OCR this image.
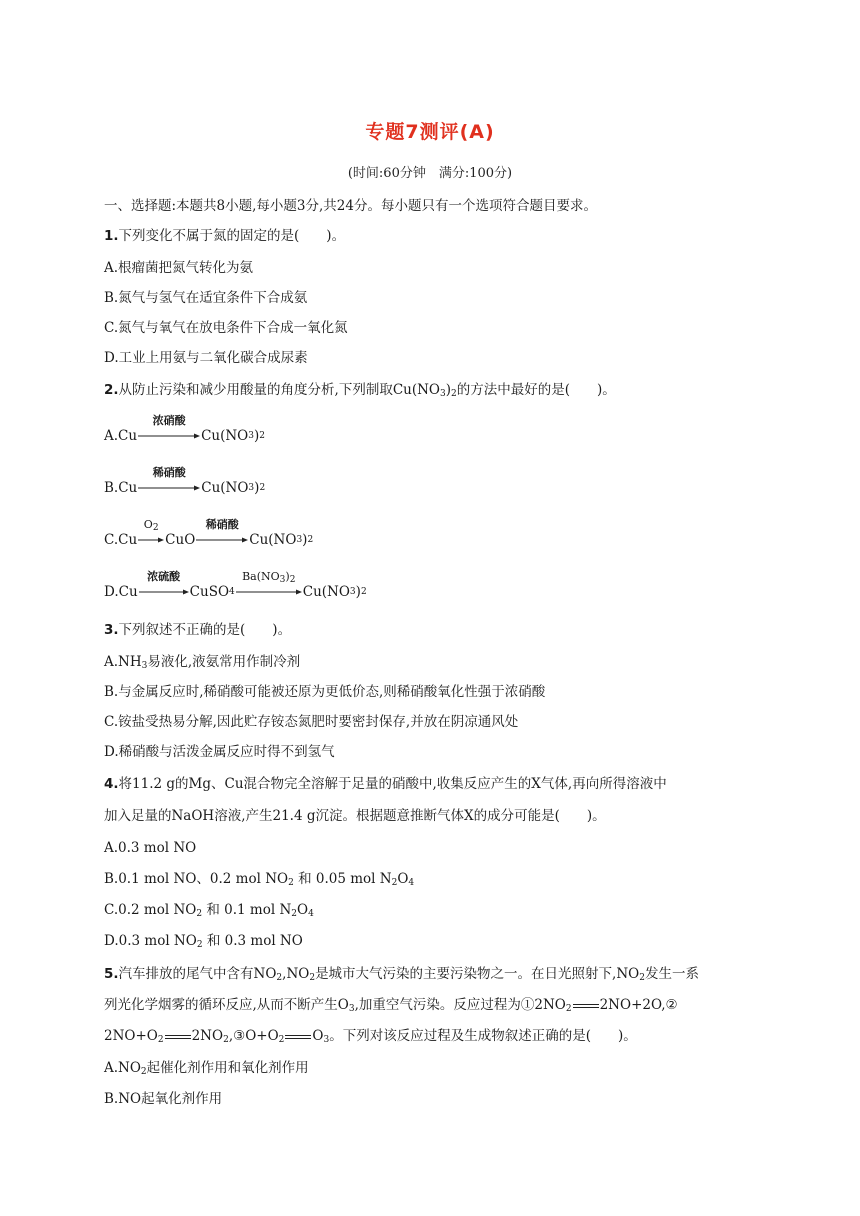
专题7测评(A)
(时间:60分钟　满分:100分)
一、选择题:本题共8小题,每小题3分,共24分。每小题只有一个选项符合题目要求。
1.下列变化不属于氮的固定的是(　　)。
A.根瘤菌把氮气转化为氨
B.氮气与氢气在适宜条件下合成氨
C.氮气与氧气在放电条件下合成一氧化氮
D.工业上用氨与二氧化碳合成尿素
2.从防止污染和减少用酸量的角度分析,下列制取$Cu(NO_3)_2$的方法中最好的是(　　)。
A.Cu
浓硝酸
Cu(NO 3 ) 2
B.Cu
稀硝酸
Cu(NO 3 ) 2
C.Cu
$O_2$
CuO
稀硝酸
Cu(NO 3 ) 2
D.Cu
浓硫酸
CuSO 4
$Ba(NO_3)_2$
Cu(NO 3 ) 2
3.下列叙述不正确的是(　　)。
$A.NH_3$易液化,液氨常用作制冷剂
B.与金属反应时,稀硝酸可能被还原为更低价态,则稀硝酸氧化性强于浓硝酸
C.铵盐受热易分解,因此贮存铵态氮肥时要密封保存,并放在阴凉通风处
D.稀硝酸与活泼金属反应时得不到氢气
4.将11.2 g的Mg、Cu混合物完全溶解于足量的硝酸中,收集反应产生的X气体,再向所得溶液中
加入足量的NaOH溶液,产生21.4 g沉淀。根据题意推断气体X的成分可能是(　　)。
A.0.3 mol NO
B.0.1 mol NO、0.2 mol $NO_2$ 和 0.05 mol $N_2O_4$
C.0.2 mol $NO_2$ 和 0.1 mol $N_2O_4$
D.0.3 mol $NO_2$ 和 0.3 mol NO
5.汽车排放的尾气中含有$NO_2,NO_2$是城市大气污染的主要污染物之一。在日光照射下$,NO_2$发生一系
列光化学烟雾的循环反应,从而不断产生$O_3$,加重空气污染。反应过程为$①2NO_2$ 2NO+2O,②
$2NO+O_2$ $2NO_2,③O+O_2$ $O_3$。下列对该反应过程及生成物叙述正确的是(　　)。
$A.NO_2$起催化剂作用和氧化剂作用
B.NO起氧化剂作用
